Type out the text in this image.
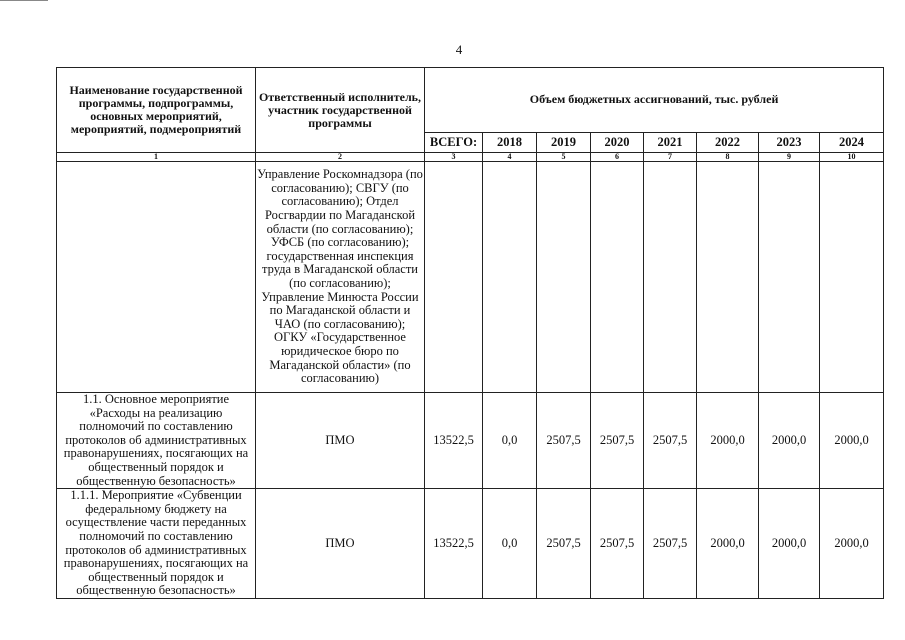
4
Наименование государственной программы, подпрограммы, основных мероприятий, мероприятий, подмероприятий	Ответственный исполнитель, участник государственной программы	Объем бюджетных ассигнований, тыс. рублей							
		ВСЕГО:	2018	2019	2020	2021	2022	2023	2024
1	2	3	4	5	6	7	8	9	10
	Управление Роскомнадзора (по согласованию); СВГУ (по согласованию); Отдел Росгвардии по Магаданской области (по согласованию); УФСБ (по согласованию); государственная инспекция труда в Магаданской области (по согласованию); Управление Минюста России по Магаданской области и ЧАО (по согласованию); ОГКУ «Государственное юридическое бюро по Магаданской области» (по согласованию)								
1.1. Основное мероприятие «Расходы на реализацию полномочий по составлению протоколов об административных правонарушениях, посягающих на общественный порядок и общественную безопасность»	ПМО	13522,5	0,0	2507,5	2507,5	2507,5	2000,0	2000,0	2000,0
1.1.1. Мероприятие «Субвенции федеральному бюджету на осуществление части переданных полномочий по составлению протоколов об административных правонарушениях, посягающих на общественный порядок и общественную безопасность»	ПМО	13522,5	0,0	2507,5	2507,5	2507,5	2000,0	2000,0	2000,0
